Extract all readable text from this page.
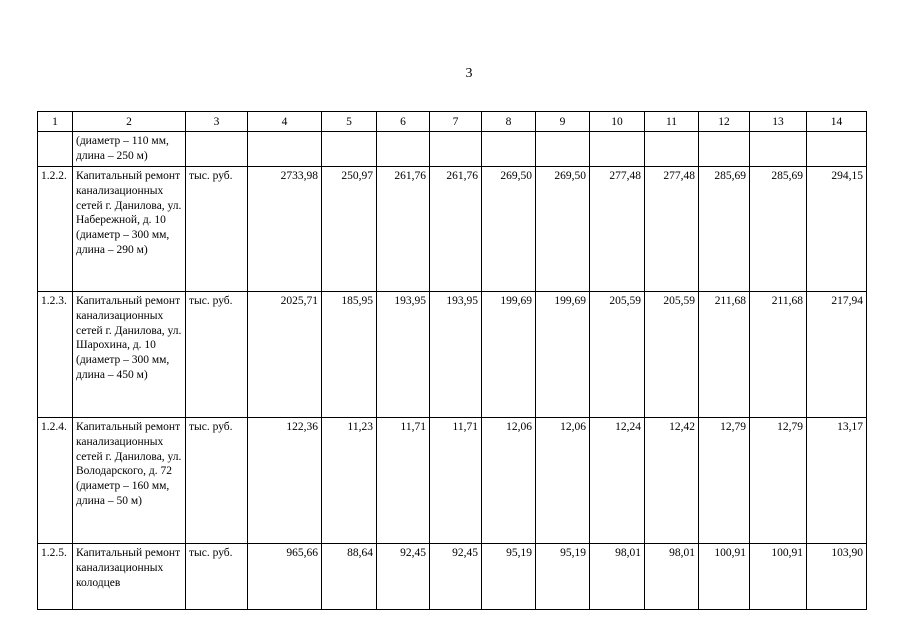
3
1	2	3	4	5	6	7	8	9	10	11	12	13	14
	(диаметр – 110 мм, длина – 250 м)												
1.2.2.	Капитальный ремонт канализационных сетей г. Данилова, ул. Набережной, д. 10 (диаметр – 300 мм, длина – 290 м)	тыс. руб.	2733,98	250,97	261,76	261,76	269,50	269,50	277,48	277,48	285,69	285,69	294,15
1.2.3.	Капитальный ремонт канализационных сетей г. Данилова, ул. Шарохина, д. 10 (диаметр – 300 мм, длина – 450 м)	тыс. руб.	2025,71	185,95	193,95	193,95	199,69	199,69	205,59	205,59	211,68	211,68	217,94
1.2.4.	Капитальный ремонт канализационных сетей г. Данилова, ул. Володарского, д. 72 (диаметр – 160 мм, длина – 50 м)	тыс. руб.	122,36	11,23	11,71	11,71	12,06	12,06	12,24	12,42	12,79	12,79	13,17
1.2.5.	Капитальный ремонт канализационных колодцев	тыс. руб.	965,66	88,64	92,45	92,45	95,19	95,19	98,01	98,01	100,91	100,91	103,90
